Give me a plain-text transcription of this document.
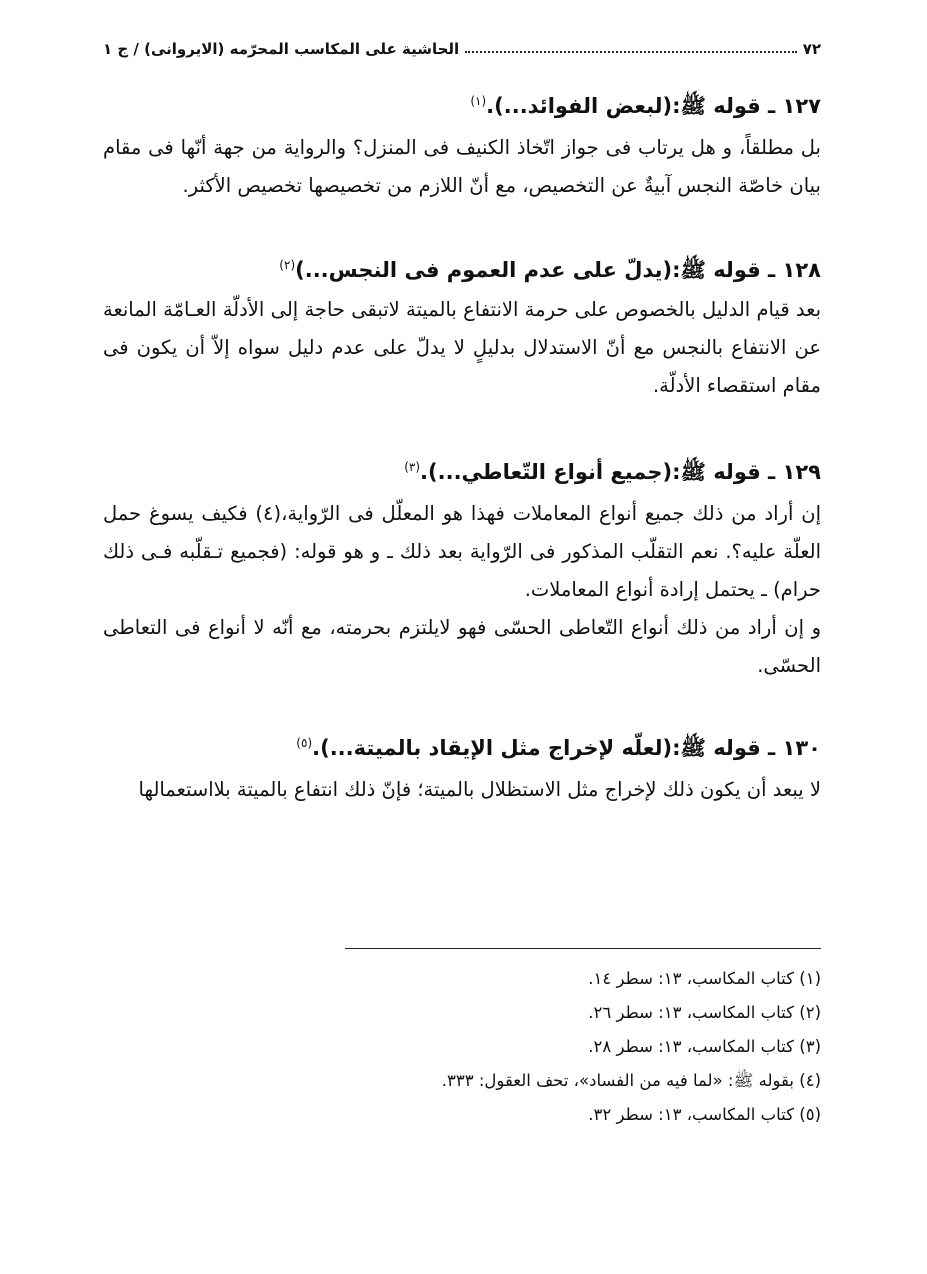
٧٢
الحاشية على المكاسب المحرّمه (الايروانى) / ج ١
١٢٧ ـ قوله ﷺ:(لبعض الفوائد...).$^{(١)}$

بل مطلقاً، و هل يرتاب فى جواز اتّخاذ الكنيف فى المنزل؟ والرواية من جهة أنّها فى مقام بيان خاصّة النجس آبيةٌ عن التخصيص، مع أنّ اللازم من تخصيصها تخصيص الأكثر.

١٢٨ ـ قوله ﷺ:(يدلّ على عدم العموم فى النجس...)$^{(٢)}$

بعد قيام الدليل بالخصوص على حرمة الانتفاع بالميتة لاتبقى حاجة إلى الأدلّة العـامّة المانعة عن الانتفاع بالنجس مع أنّ الاستدلال بدليلٍ لا يدلّ على عدم دليل سواه إلاّ أن يكون فى مقام استقصاء الأدلّة.

١٢٩ ـ قوله ﷺ:(جميع أنواع التّعاطي...).$^{(٣)}$

إن أراد من ذلك جميع أنواع المعاملات فهذا هو المعلّل فى الرّواية،(٤) فكيف يسوغ حمل العلّة عليه؟. نعم التقلّب المذكور فى الرّواية بعد ذلك ـ و هو قوله: (فجميع تـقلّبه فـى ذلك حرام) ـ يحتمل إرادة أنواع المعاملات.

و إن أراد من ذلك أنواع التّعاطى الحسّى فهو لايلتزم بحرمته، مع أنّه لا أنواع فى التعاطى الحسّى.

١٣٠ ـ قوله ﷺ:(لعلّه لإخراج مثل الإيقاد بالميتة...).$^{(٥)}$

لا يبعد أن يكون ذلك لإخراج مثل الاستظلال بالميتة؛ فإنّ ذلك انتفاع بالميتة بلااستعمالها

(١) كتاب المكاسب، ١٣: سطر ١٤.
(٢) كتاب المكاسب، ١٣: سطر ٢٦.
(٣) كتاب المكاسب، ١٣: سطر ٢٨.
(٤) بقوله ﷺ: «لما فيه من الفساد»، تحف العقول: ٣٣٣.
(٥) كتاب المكاسب، ١٣: سطر ٣٢.
